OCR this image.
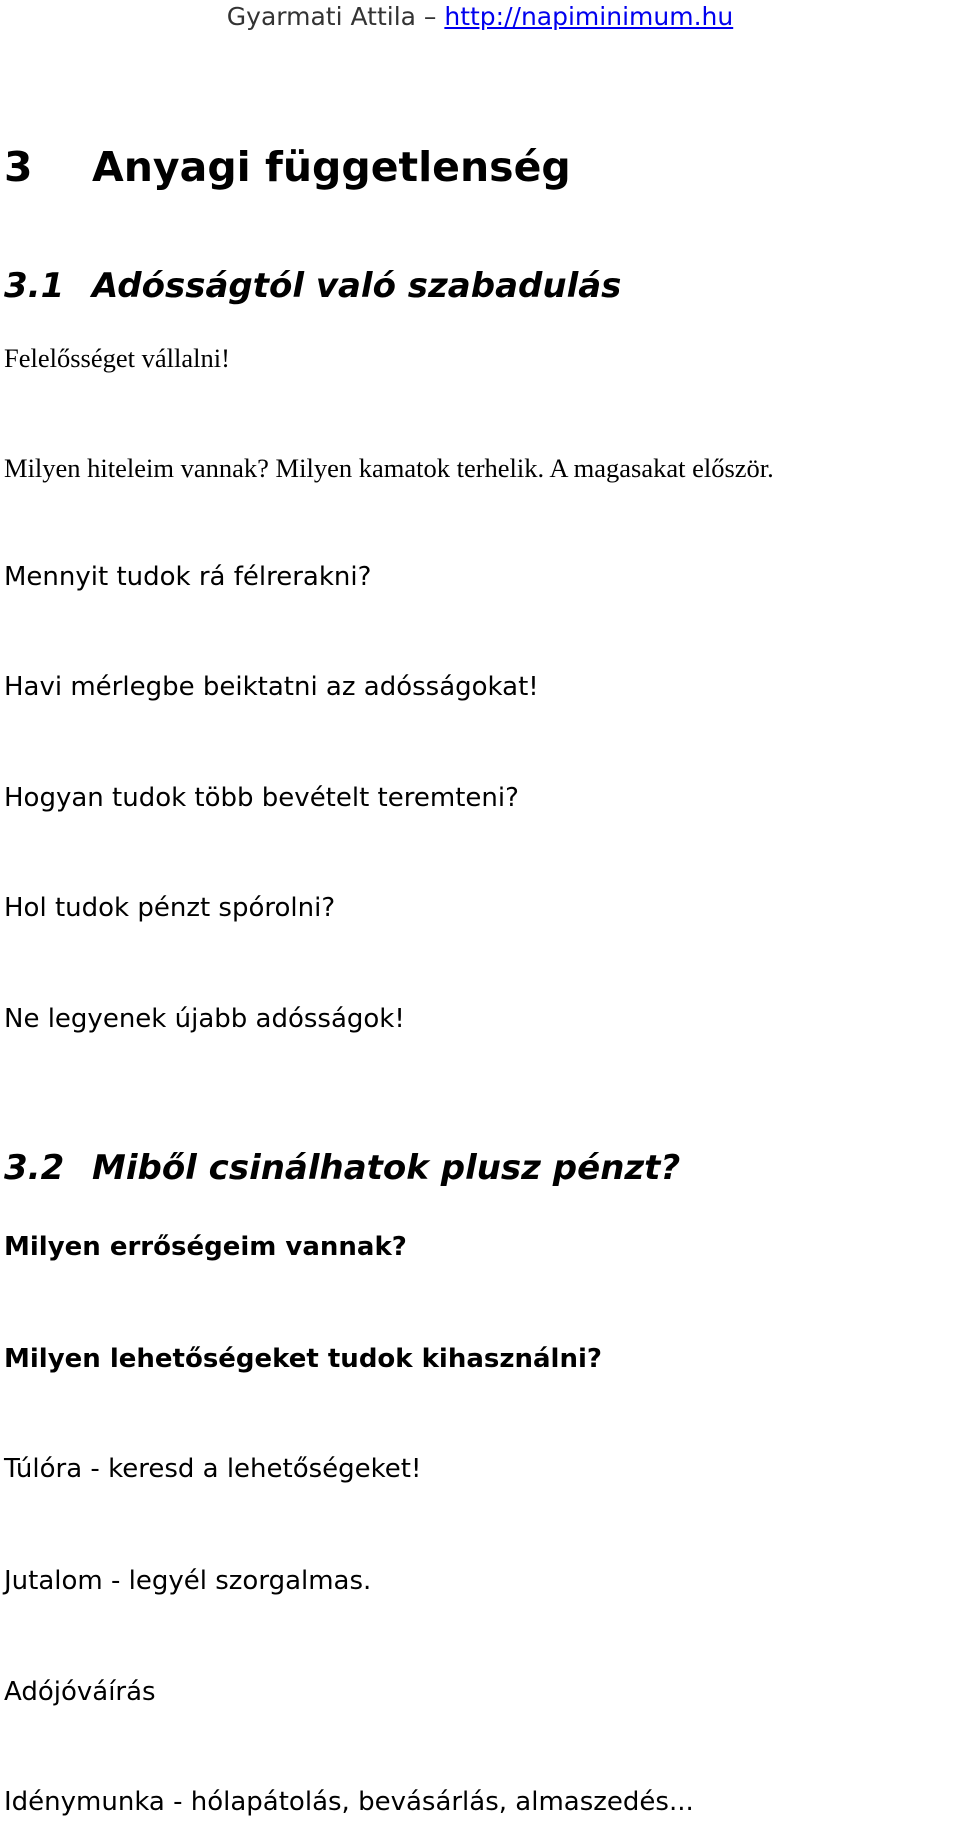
Gyarmati Attila – http://napiminimum.hu
3 Anyagi függetlenség
3.1 Adósságtól való szabadulás
Felelősséget vállalni!
Milyen hiteleim vannak? Milyen kamatok terhelik. A magasakat először.
Mennyit tudok rá félrerakni?
Havi mérlegbe beiktatni az adósságokat!
Hogyan tudok több bevételt teremteni?
Hol tudok pénzt spórolni?
Ne legyenek újabb adósságok!
3.2 Miből csinálhatok plusz pénzt?
Milyen errőségeim vannak?
Milyen lehetőségeket tudok kihasználni?
Túlóra - keresd a lehetőségeket!
Jutalom - legyél szorgalmas.
Adójóváírás
Idénymunka - hólapátolás, bevásárlás, almaszedés...
